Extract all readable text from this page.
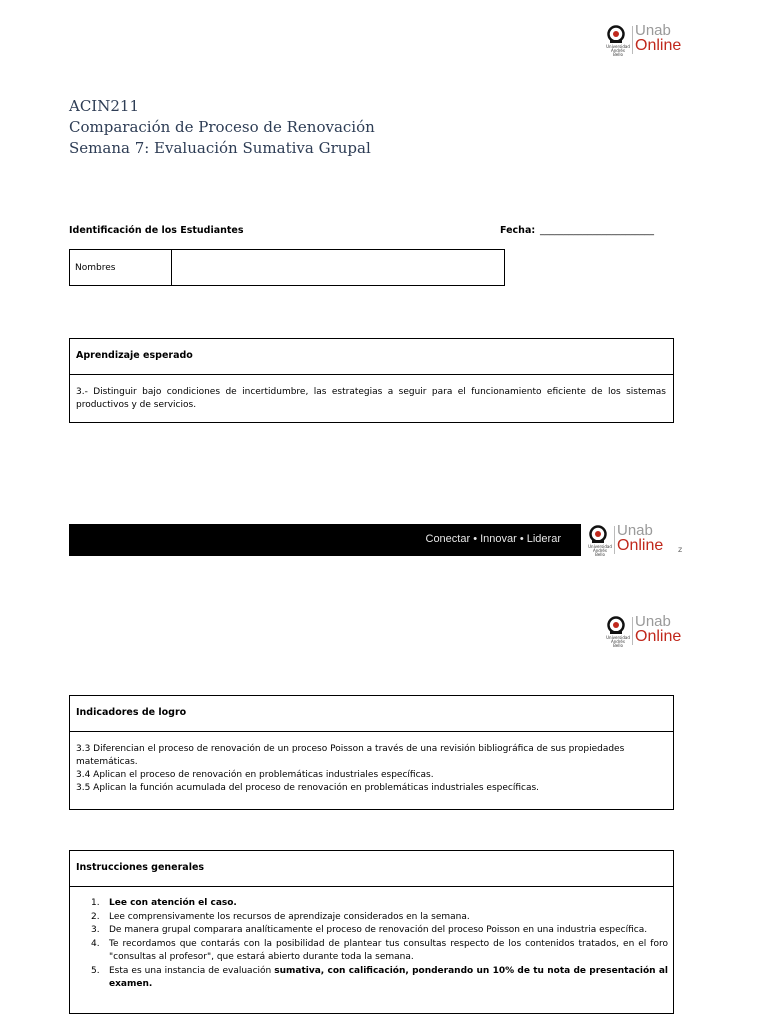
Universidad Andrés Bello
Unab
Online
ACIN211
Comparación de Proceso de Renovación
Semana 7: Evaluación Sumativa Grupal
Identificación de los Estudiantes	Fecha: ________________________
Nombres
Aprendizaje esperado
3.- Distinguir bajo condiciones de incertidumbre, las estrategias a seguir para el funcionamiento eficiente de los sistemas productivos y de servicios.
Conectar • Innovar • Liderar
Universidad Andrés Bello
Unab
Online z
Universidad Andrés Bello
Unab
Online
Indicadores de logro
3.3 Diferencian el proceso de renovación de un proceso Poisson a través de una revisión bibliográfica de sus propiedades matemáticas.
3.4 Aplican el proceso de renovación en problemáticas industriales específicas.
3.5 Aplican la función acumulada del proceso de renovación en problemáticas industriales específicas.
Instrucciones generales
1. Lee con atención el caso.
2. Lee comprensivamente los recursos de aprendizaje considerados en la semana.
3. De manera grupal comparara analíticamente el proceso de renovación del proceso Poisson en una industria específica.
4. Te recordamos que contarás con la posibilidad de plantear tus consultas respecto de los contenidos tratados, en el foro "consultas al profesor", que estará abierto durante toda la semana.
5. Esta es una instancia de evaluación sumativa, con calificación, ponderando un 10% de tu nota de presentación al examen.
